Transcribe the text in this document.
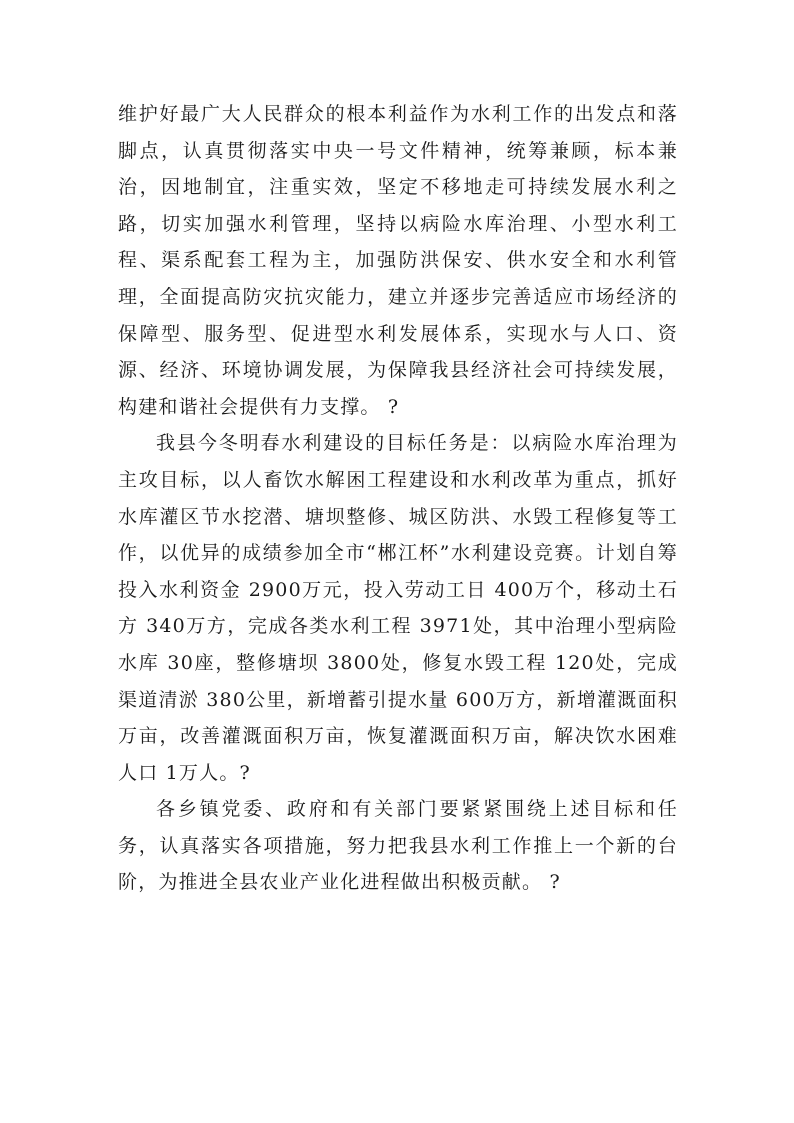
维护好最广大人民群众的根本利益作为水利工作的出发点和落脚点，认真贯彻落实中央一号文件精神，统筹兼顾，标本兼治，因地制宜，注重实效，坚定不移地走可持续发展水利之路，切实加强水利管理，坚持以病险水库治理、小型水利工程、渠系配套工程为主，加强防洪保安、供水安全和水利管理，全面提高防灾抗灾能力，建立并逐步完善适应市场经济的保障型、服务型、促进型水利发展体系，实现水与人口、资源、经济、环境协调发展，为保障我县经济社会可持续发展，构建和谐社会提供有力支撑。 ?

我县今冬明春水利建设的目标任务是：以病险水库治理为主攻目标，以人畜饮水解困工程建设和水利改革为重点，抓好水库灌区节水挖潜、塘坝整修、城区防洪、水毁工程修复等工作，以优异的成绩参加全市“郴江杯”水利建设竞赛。计划自筹投入水利资金 2900万元，投入劳动工日 400万个，移动土石方 340万方，完成各类水利工程 3971处，其中治理小型病险水库 30座，整修塘坝 3800处，修复水毁工程 120处，完成渠道清淤 380公里，新增蓄引提水量 600万方，新增灌溉面积万亩，改善灌溉面积万亩，恢复灌溉面积万亩，解决饮水困难人口 1万人。?

各乡镇党委、政府和有关部门要紧紧围绕上述目标和任务，认真落实各项措施，努力把我县水利工作推上一个新的台阶，为推进全县农业产业化进程做出积极贡献。 ?
